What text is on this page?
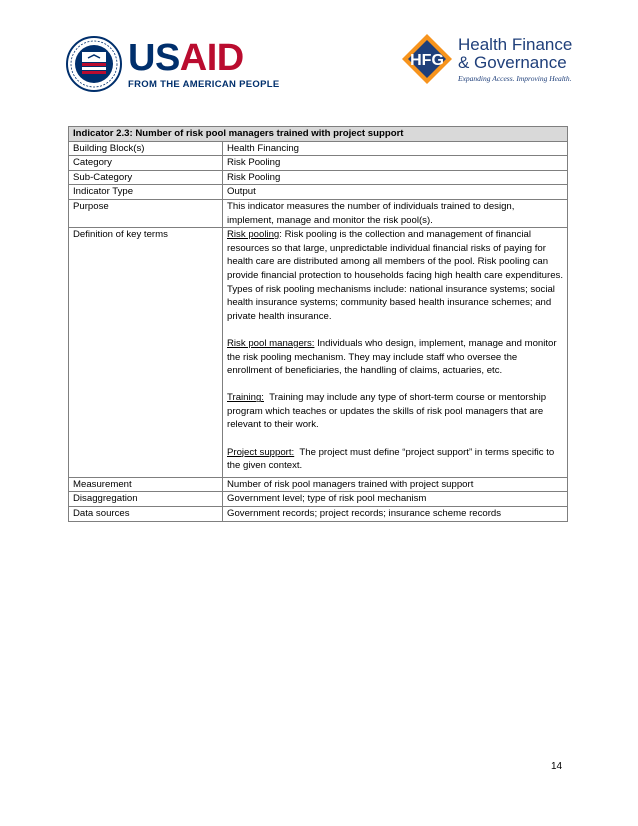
USAID
FROM THE AMERICAN PEOPLE
HFG
Health Finance
& Governance
Expanding Access. Improving Health.
Indicator 2.3: Number of risk pool managers trained with project support	
Building Block(s)	Health Financing
Category	Risk Pooling
Sub-Category	Risk Pooling
Indicator Type	Output
Purpose	This indicator measures the number of individuals trained to design, implement, manage and monitor the risk pool(s).
Definition of key terms	Risk pooling: Risk pooling is the collection and management of financial resources so that large, unpredictable individual financial risks of paying for health care are distributed among all members of the pool. Risk pooling can provide financial protection to households facing high health care expenditures. Types of risk pooling mechanisms include: national insurance systems; social health insurance systems; community based health insurance schemes; and private health insurance.
Risk pool managers: Individuals who design, implement, manage and monitor the risk pooling mechanism. They may include staff who oversee the enrollment of beneficiaries, the handling of claims, actuaries, etc.
Training: Training may include any type of short-term course or mentorship program which teaches or updates the skills of risk pool managers that are relevant to their work.
Project support: The project must define “project support” in terms specific to the given context.

Measurement	Number of risk pool managers trained with project support
Disaggregation	Government level; type of risk pool mechanism
Data sources	Government records; project records; insurance scheme records
14
